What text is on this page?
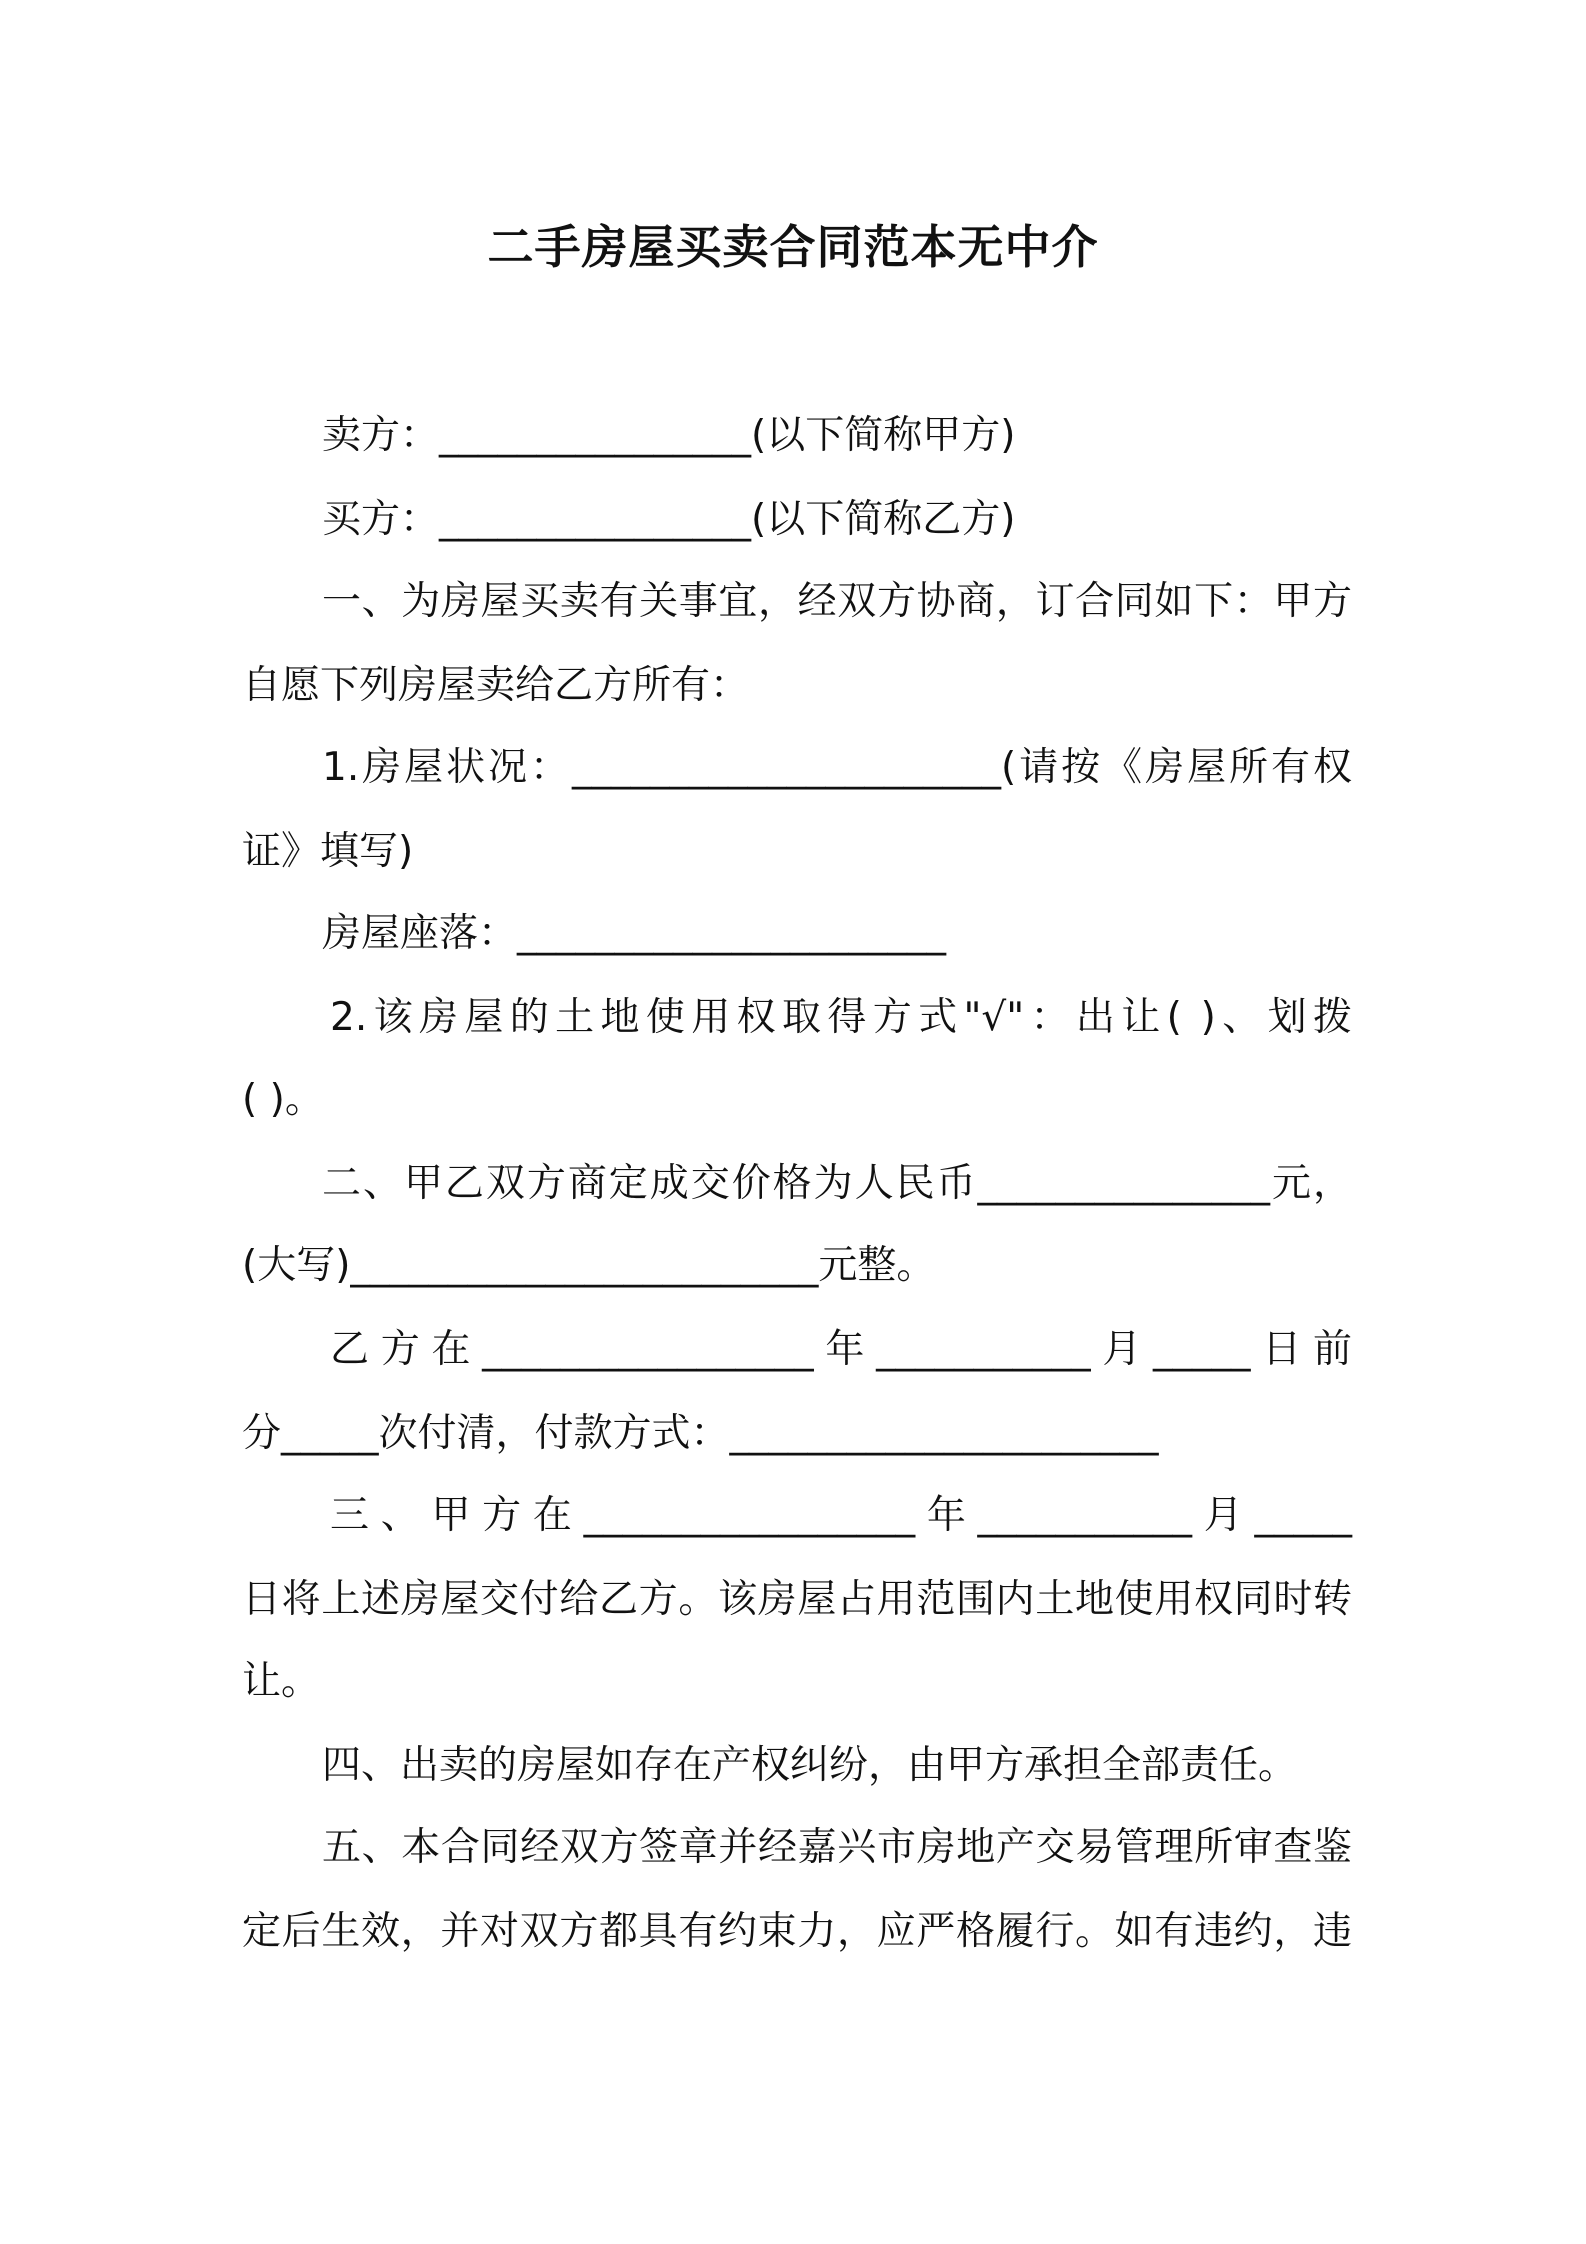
二手房屋买卖合同范本无中介
卖方：________________(以下简称甲方)
买方：________________(以下简称乙方)
一、为房屋买卖有关事宜，经双方协商，订合同如下：甲方
自愿下列房屋卖给乙方所有：
1.房屋状况：______________________(请按《房屋所有权
证》填写)
房屋座落：______________________
2.该房屋的土地使用权取得方式"√"：出让( )、划拨
( )。
二、甲乙双方商定成交价格为人民币_______________元，
(大写)________________________元整。
乙方在_________________年___________月_____日前
分_____次付清，付款方式：______________________
三、甲方在_________________年___________月_____
日将上述房屋交付给乙方。该房屋占用范围内土地使用权同时转
让。
四、出卖的房屋如存在产权纠纷，由甲方承担全部责任。
五、本合同经双方签章并经嘉兴市房地产交易管理所审查鉴
定后生效，并对双方都具有约束力，应严格履行。如有违约，违
